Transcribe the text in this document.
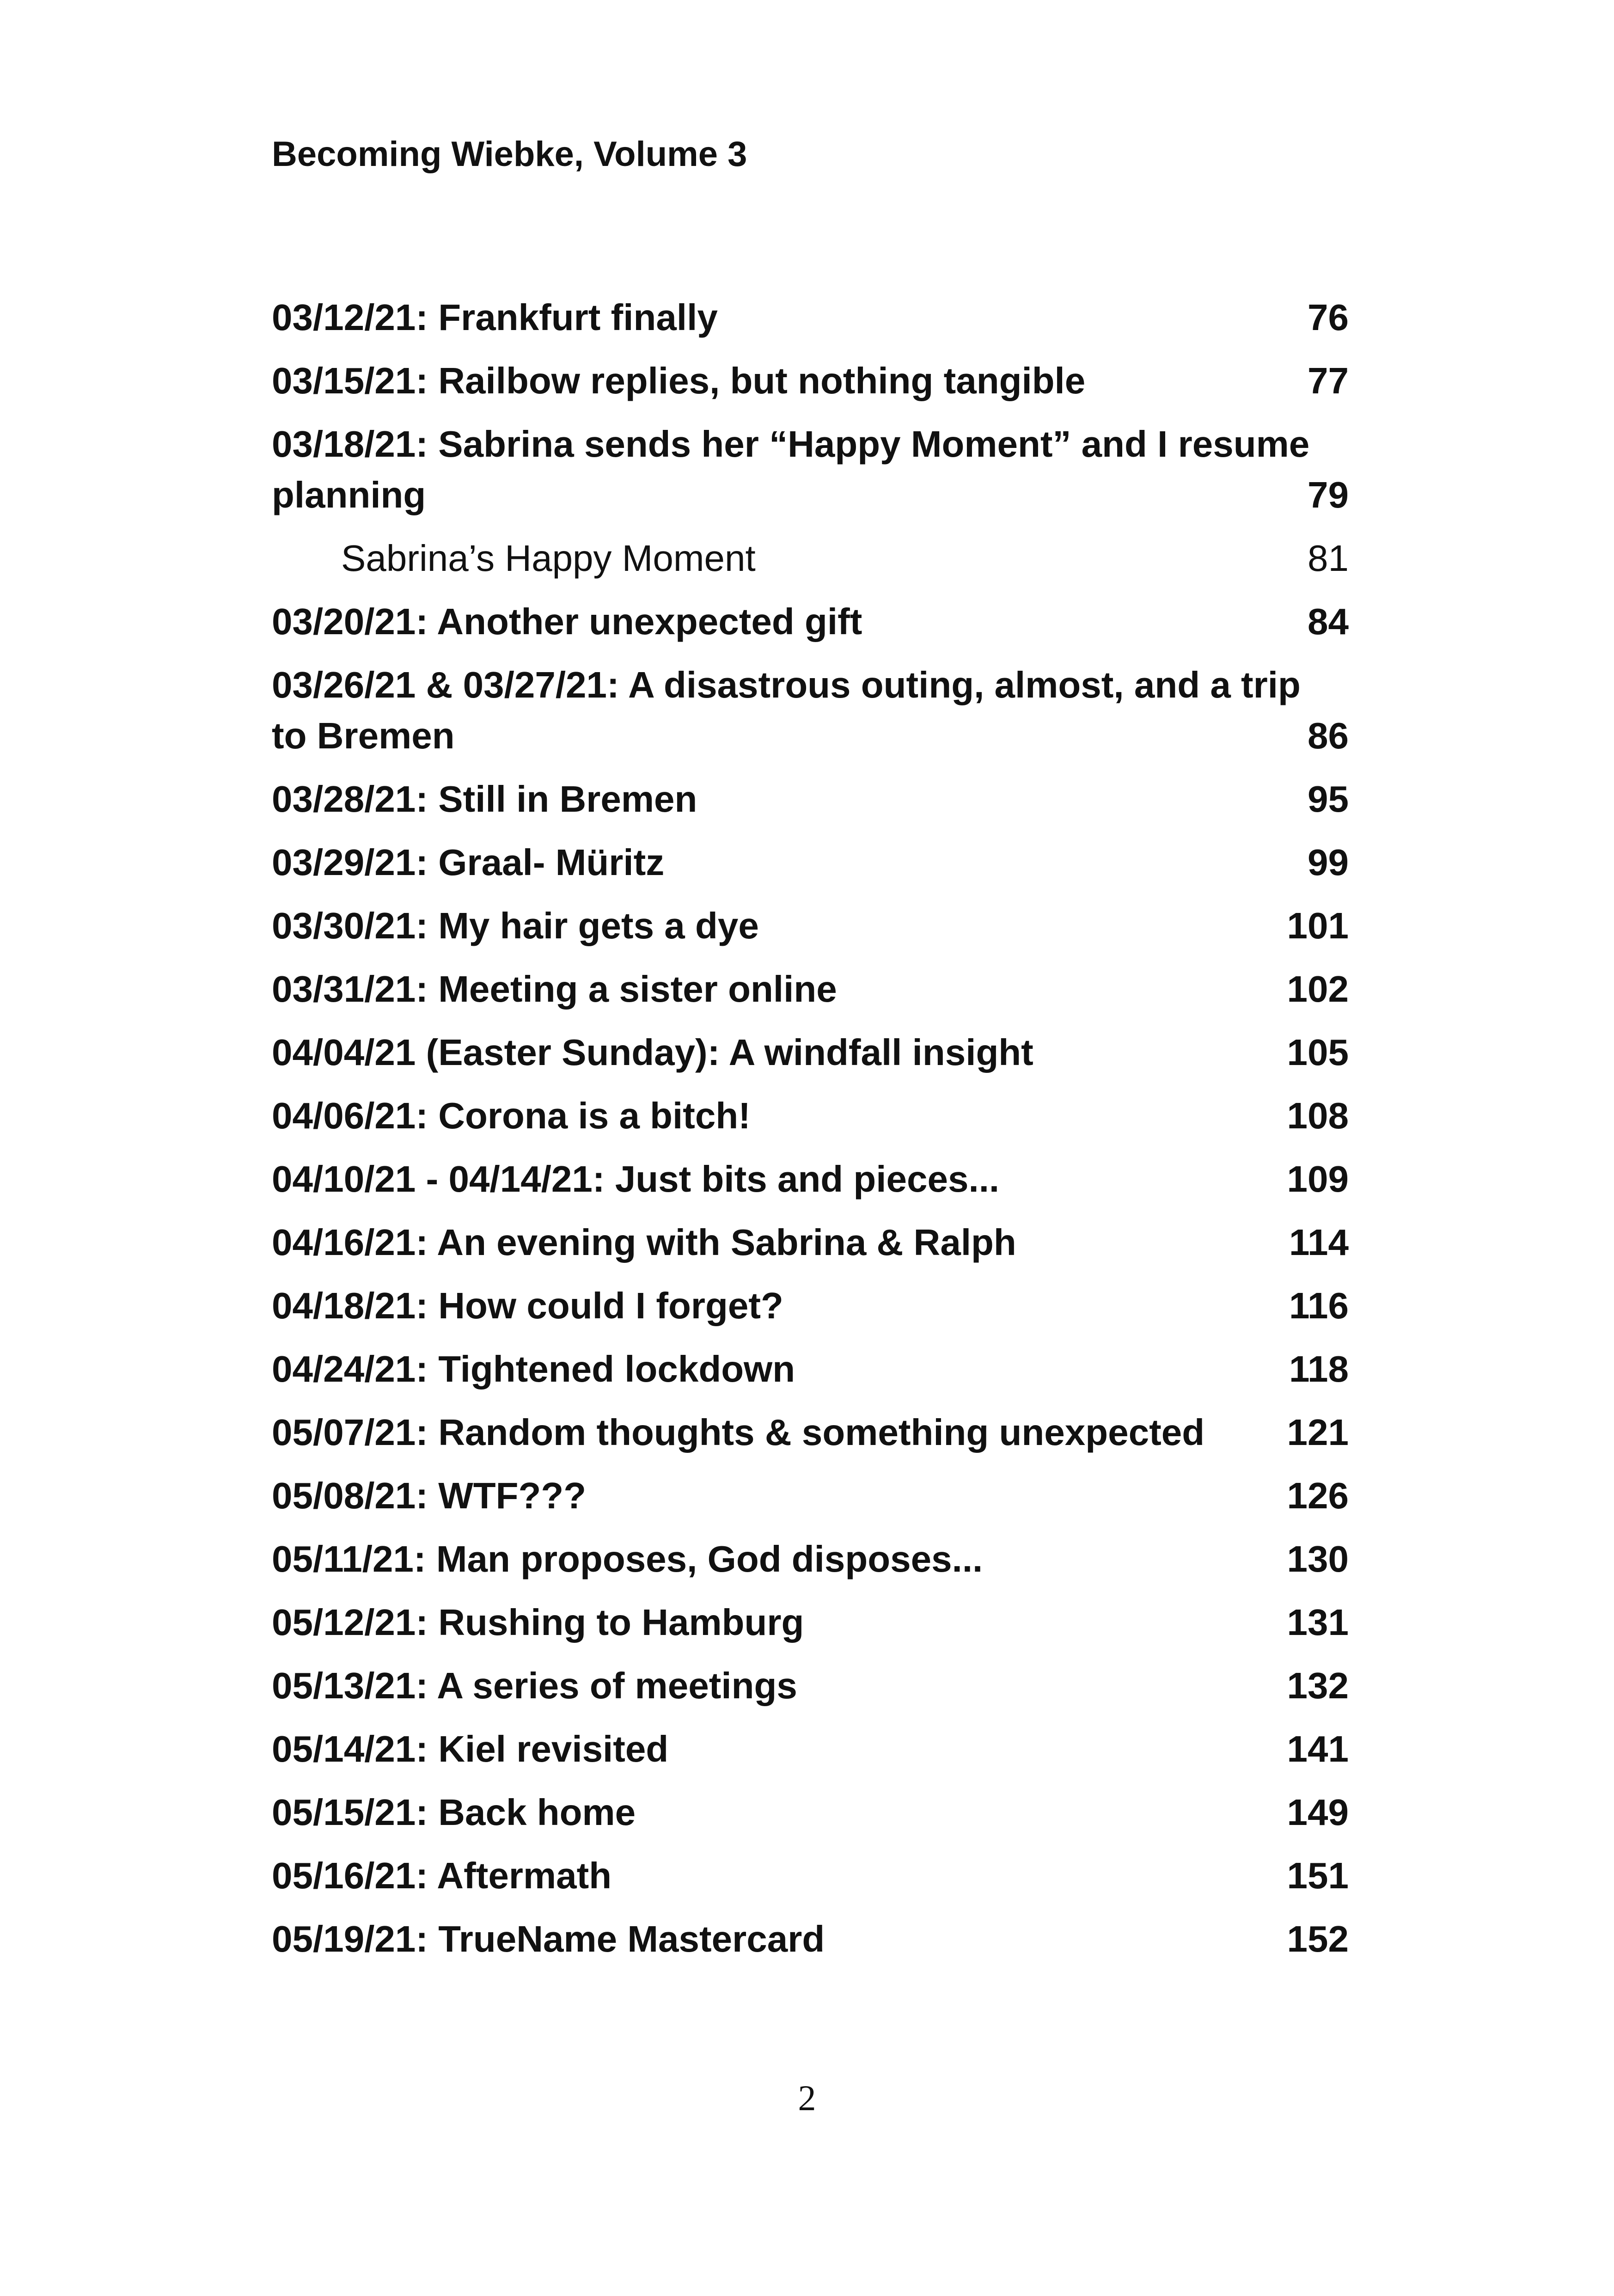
Becoming Wiebke, Volume 3
03/12/21: Frankfurt finally	76
03/15/21: Railbow replies, but nothing tangible	77
03/18/21: Sabrina sends her “Happy Moment” and I resume
planning	79
Sabrina’s Happy Moment	81
03/20/21: Another unexpected gift	84
03/26/21 & 03/27/21: A disastrous outing, almost, and a trip
to Bremen	86
03/28/21: Still in Bremen	95
03/29/21: Graal- Müritz	99
03/30/21: My hair gets a dye	101
03/31/21: Meeting a sister online	102
04/04/21 (Easter Sunday): A windfall insight	105
04/06/21: Corona is a bitch!	108
04/10/21 - 04/14/21: Just bits and pieces...	109
04/16/21: An evening with Sabrina & Ralph	114
04/18/21: How could I forget?	116
04/24/21: Tightened lockdown	118
05/07/21: Random thoughts & something unexpected 121
05/08/21: WTF???	126
05/11/21: Man proposes, God disposes...	130
05/12/21: Rushing to Hamburg	131
05/13/21: A series of meetings	132
05/14/21: Kiel revisited	141
05/15/21: Back home	149
05/16/21: Aftermath	151
05/19/21: TrueName Mastercard	152
2
